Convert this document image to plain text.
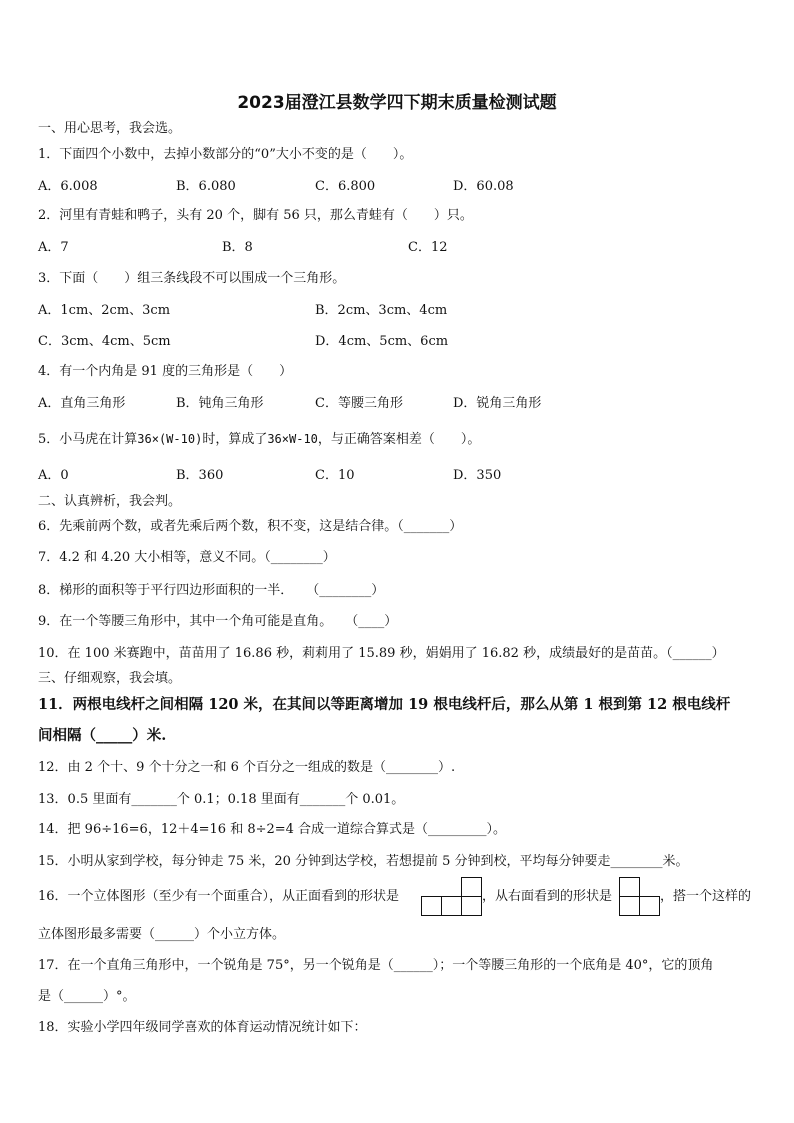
2023届澄江县数学四下期末质量检测试题
一、用心思考，我会选。
1．下面四个小数中，去掉小数部分的“0”大小不变的是（　　）。
A．6.008	B．6.080	C．6.800	D．60.08
2．河里有青蛙和鸭子，头有 20 个，脚有 56 只，那么青蛙有（　　）只。
A．7	B．8	C．12
3．下面（　　）组三条线段不可以围成一个三角形。
A．1cm、2cm、3cm	B．2cm、3cm、4cm
C．3cm、4cm、5cm	D．4cm、5cm、6cm
4．有一个内角是 91 度的三角形是（　　）
A．直角三角形	B．钝角三角形	C．等腰三角形	D．锐角三角形
5．小马虎在计算36×(W-10)时，算成了36×W-10，与正确答案相差（　　）。
A．0	B．360	C．10	D．350
二、认真辨析，我会判。
6．先乘前两个数，或者先乘后两个数，积不变，这是结合律。（_______）
7．4.2 和 4.20 大小相等，意义不同。（________）
8．梯形的面积等于平行四边形面积的一半．　　（________）
9．在一个等腰三角形中，其中一个角可能是直角。　　（____）
10．在 100 米赛跑中，苗苗用了 16.86 秒，莉莉用了 15.89 秒，娟娟用了 16.82 秒，成绩最好的是苗苗。（______）
三、仔细观察，我会填。
11．两根电线杆之间相隔 120 米，在其间以等距离增加 19 根电线杆后，那么从第 1 根到第 12 根电线杆
间相隔（_____）米.
12．由 2 个十、9 个十分之一和 6 个百分之一组成的数是（________）.
13．0.5 里面有_______个 0.1；0.18 里面有_______个 0.01。
14．把 96÷16=6，12＋4=16 和 8÷2=4 合成一道综合算式是（_________）。
15．小明从家到学校，每分钟走 75 米，20 分钟到达学校，若想提前 5 分钟到校，平均每分钟要走________米。
16．一个立体图形（至少有一个面重合），从正面看到的形状是	，从右面看到的形状是	，搭一个这样的
立体图形最多需要（______）个小立方体。
17．在一个直角三角形中，一个锐角是 75°，另一个锐角是（______）；一个等腰三角形的一个底角是 40°，它的顶角
是（______）°。
18．实验小学四年级同学喜欢的体育运动情况统计如下：
